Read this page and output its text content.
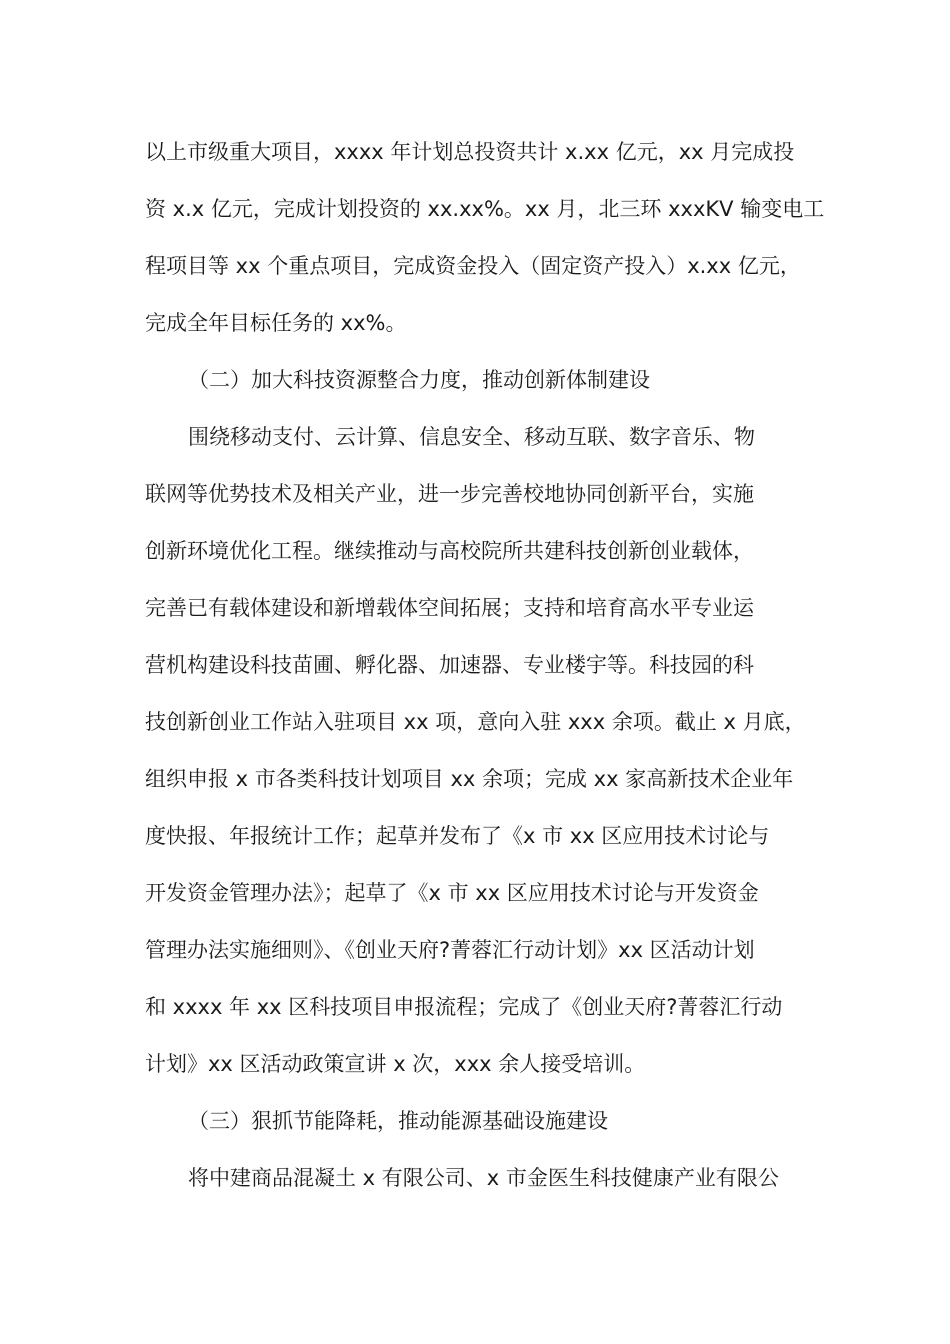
以上市级重大项目，xxxx 年计划总投资共计 x.xx 亿元，xx 月完成投
资 x.x 亿元，完成计划投资的 xx.xx%。xx 月，北三环 xxxKV 输变电工
程项目等 xx 个重点项目，完成资金投入（固定资产投入）x.xx 亿元，
完成全年目标任务的 xx%。
（二）加大科技资源整合力度，推动创新体制建设
围绕移动支付、云计算、信息安全、移动互联、数字音乐、物
联网等优势技术及相关产业，进一步完善校地协同创新平台，实施
创新环境优化工程。继续推动与高校院所共建科技创新创业载体，
完善已有载体建设和新增载体空间拓展；支持和培育高水平专业运
营机构建设科技苗圃、孵化器、加速器、专业楼宇等。科技园的科
技创新创业工作站入驻项目 xx 项，意向入驻 xxx 余项。截止 x 月底，
组织申报 x 市各类科技计划项目 xx 余项；完成 xx 家高新技术企业年
度快报、年报统计工作；起草并发布了《x 市 xx 区应用技术讨论与
开发资金管理办法》；起草了《x 市 xx 区应用技术讨论与开发资金
管理办法实施细则》、《创业天府?菁蓉汇行动计划》xx 区活动计划
和 xxxx 年 xx 区科技项目申报流程；完成了《创业天府?菁蓉汇行动
计划》xx 区活动政策宣讲 x 次，xxx 余人接受培训。
（三）狠抓节能降耗，推动能源基础设施建设
将中建商品混凝土 x 有限公司、x 市金医生科技健康产业有限公
